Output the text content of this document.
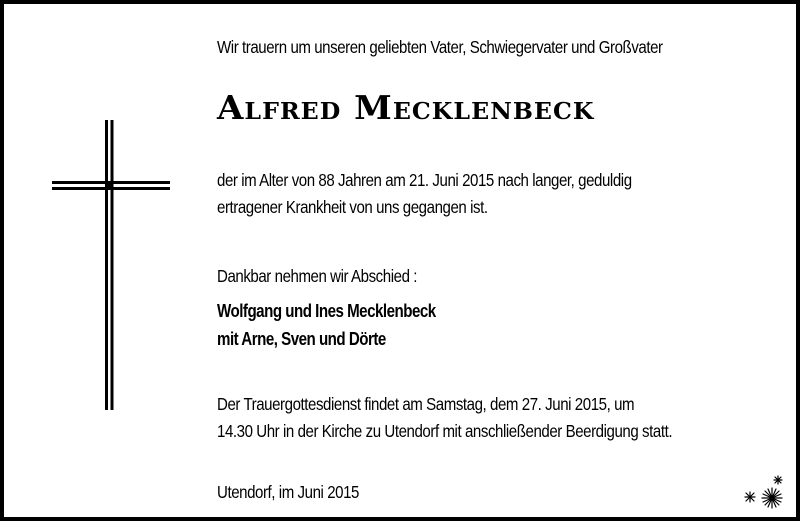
Wir trauern um unseren geliebten Vater, Schwiegervater und Großvater
Alfred Mecklenbeck
der im Alter von 88 Jahren am 21. Juni 2015 nach langer, geduldig
ertragener Krankheit von uns gegangen ist.
Dankbar nehmen wir Abschied :
Wolfgang und Ines Mecklenbeck
mit Arne, Sven und Dörte
Der Trauergottesdienst findet am Samstag, dem 27. Juni 2015, um
14.30 Uhr in der Kirche zu Utendorf mit anschließender Beerdigung statt.
Utendorf, im Juni 2015
